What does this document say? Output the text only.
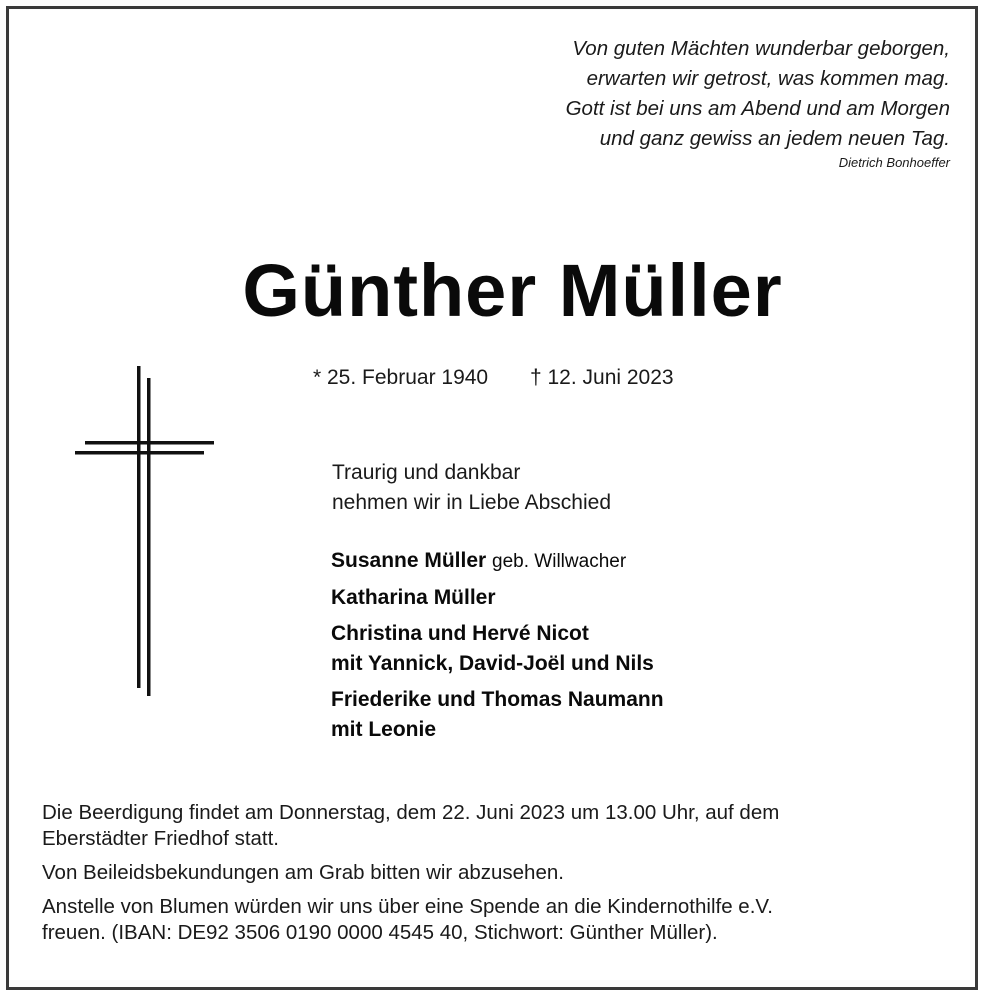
Von guten Mächten wunderbar geborgen,
erwarten wir getrost, was kommen mag.
Gott ist bei uns am Abend und am Morgen
und ganz gewiss an jedem neuen Tag.
Dietrich Bonhoeffer
Günther Müller
* 25. Februar 1940 † 12. Juni 2023
Traurig und dankbar
nehmen wir in Liebe Abschied
Susanne Müller geb. Willwacher
Katharina Müller
Christina und Hervé Nicot
mit Yannick, David-Joël und Nils
Friederike und Thomas Naumann
mit Leonie

Die Beerdigung findet am Donnerstag, dem 22. Juni 2023 um 13.00 Uhr, auf dem
Eberstädter Friedhof statt.

Von Beileidsbekundungen am Grab bitten wir abzusehen.

Anstelle von Blumen würden wir uns über eine Spende an die Kindernothilfe e.V.
freuen. (IBAN: DE92 3506 0190 0000 4545 40, Stichwort: Günther Müller).
